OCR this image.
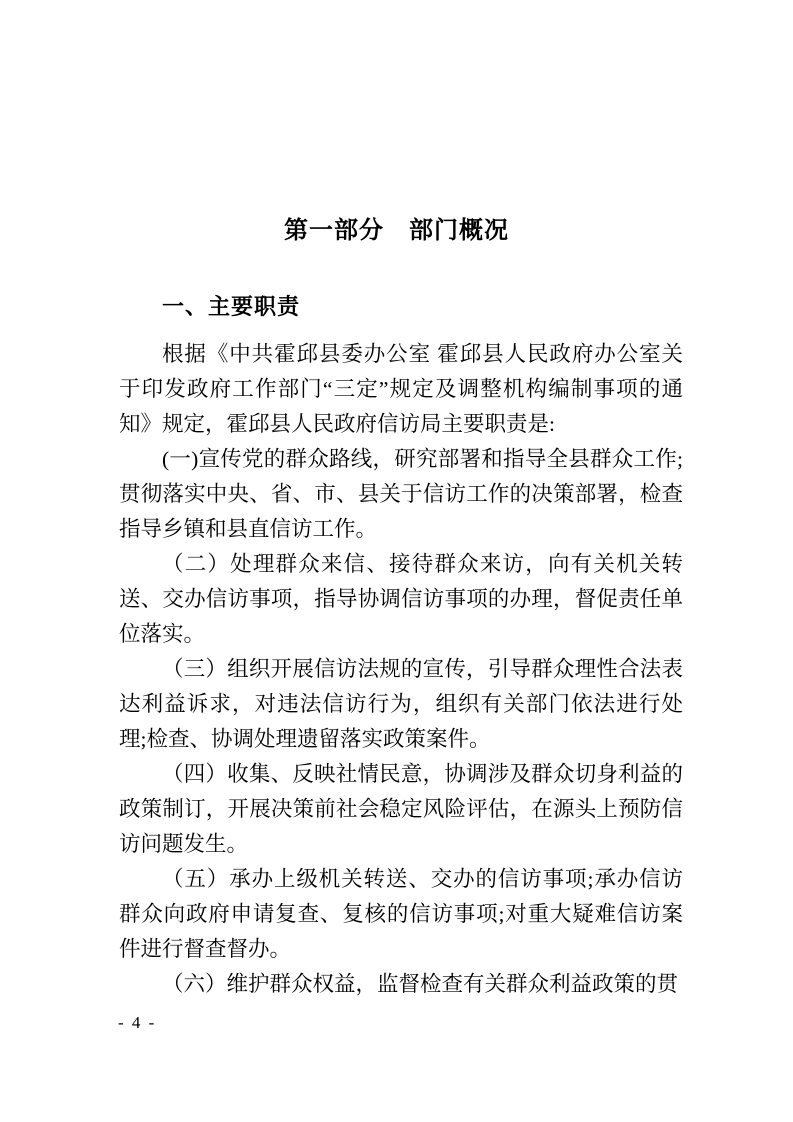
第一部分　部门概况
一、主要职责

根据《中共霍邱县委办公室 霍邱县人民政府办公室关于印发政府工作部门“三定”规定及调整机构编制事项的通知》规定，霍邱县人民政府信访局主要职责是:

(一)宣传党的群众路线，研究部署和指导全县群众工作;贯彻落实中央、省、市、县关于信访工作的决策部署，检查指导乡镇和县直信访工作。

（二）处理群众来信、接待群众来访，向有关机关转送、交办信访事项，指导协调信访事项的办理，督促责任单位落实。

（三）组织开展信访法规的宣传，引导群众理性合法表达利益诉求，对违法信访行为，组织有关部门依法进行处理;检查、协调处理遗留落实政策案件。

（四）收集、反映社情民意，协调涉及群众切身利益的政策制订，开展决策前社会稳定风险评估，在源头上预防信访问题发生。

（五）承办上级机关转送、交办的信访事项;承办信访群众向政府申请复查、复核的信访事项;对重大疑难信访案件进行督查督办。

（六）维护群众权益，监督检查有关群众利益政策的贯

- 4 -
